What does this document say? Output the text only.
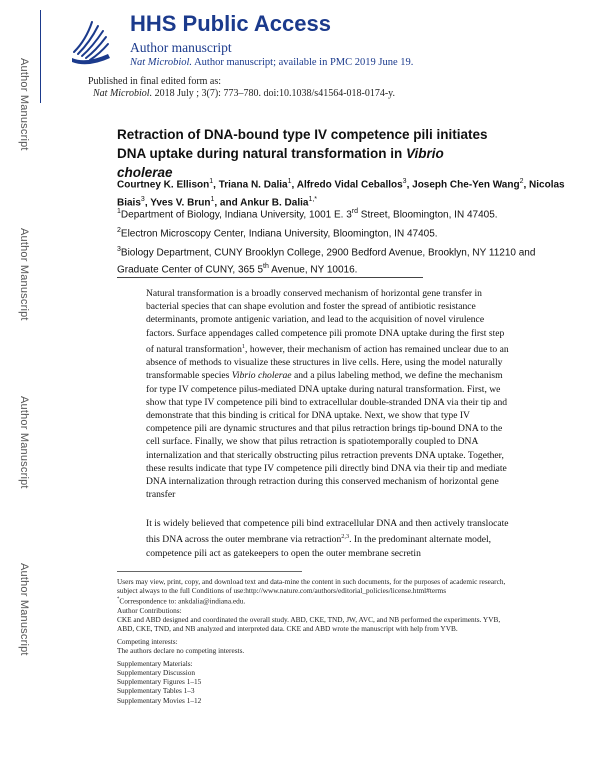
Author Manuscript
Author Manuscript
Author Manuscript
Author Manuscript
HHS Public Access
Author manuscript
Nat Microbiol. Author manuscript; available in PMC 2019 June 19.
Published in final edited form as:
Nat Microbiol. 2018 July ; 3(7): 773–780. doi:10.1038/s41564-018-0174-y.
Retraction of DNA-bound type IV competence pili initiates DNA uptake during natural transformation in Vibrio cholerae
Courtney K. Ellison$^1$, Triana N. Dalia$^1$, Alfredo Vidal Ceballos$^3$, Joseph Che-Yen Wang$^2$, Nicolas Biais$^3$, Yves V. Brun$^1$, and Ankur B. Dalia$^{1,*}$
$^1$Department of Biology, Indiana University, 1001 E. 3rd Street, Bloomington, IN 47405.
$^2$Electron Microscopy Center, Indiana University, Bloomington, IN 47405.
$^3$Biology Department, CUNY Brooklyn College, 2900 Bedford Avenue, Brooklyn, NY 11210 and Graduate Center of CUNY, 365 5th Avenue, NY 10016.
Natural transformation is a broadly conserved mechanism of horizontal gene transfer in bacterial species that can shape evolution and foster the spread of antibiotic resistance determinants, promote antigenic variation, and lead to the acquisition of novel virulence factors. Surface appendages called competence pili promote DNA uptake during the first step of natural transformation$^1$, however, their mechanism of action has remained unclear due to an absence of methods to visualize these structures in live cells. Here, using the model naturally transformable species Vibrio cholerae and a pilus labeling method, we define the mechanism for type IV competence pilus-mediated DNA uptake during natural transformation. First, we show that type IV competence pili bind to extracellular double-stranded DNA via their tip and demonstrate that this binding is critical for DNA uptake. Next, we show that type IV competence pili are dynamic structures and that pilus retraction brings tip-bound DNA to the cell surface. Finally, we show that pilus retraction is spatiotemporally coupled to DNA internalization and that sterically obstructing pilus retraction prevents DNA uptake. Together, these results indicate that type IV competence pili directly bind DNA via their tip and mediate DNA internalization through retraction during this conserved mechanism of horizontal gene transfer
It is widely believed that competence pili bind extracellular DNA and then actively translocate this DNA across the outer membrane via retraction$^{2,3}$. In the predominant alternate model, competence pili act as gatekeepers to open the outer membrane secretin

Users may view, print, copy, and download text and data-mine the content in such documents, for the purposes of academic research, subject always to the full Conditions of use:http://www.nature.com/authors/editorial_policies/license.html#terms

*Correspondence to: ankdalia@indiana.edu.

Author Contributions:

CKE and ABD designed and coordinated the overall study. ABD, CKE, TND, JW, AVC, and NB performed the experiments. YVB, ABD, CKE, TND, and NB analyzed and interpreted data. CKE and ABD wrote the manuscript with help from YVB.

Competing interests:

The authors declare no competing interests.

Supplementary Materials:

Supplementary Discussion

Supplementary Figures 1–15

Supplementary Tables 1–3

Supplementary Movies 1–12
